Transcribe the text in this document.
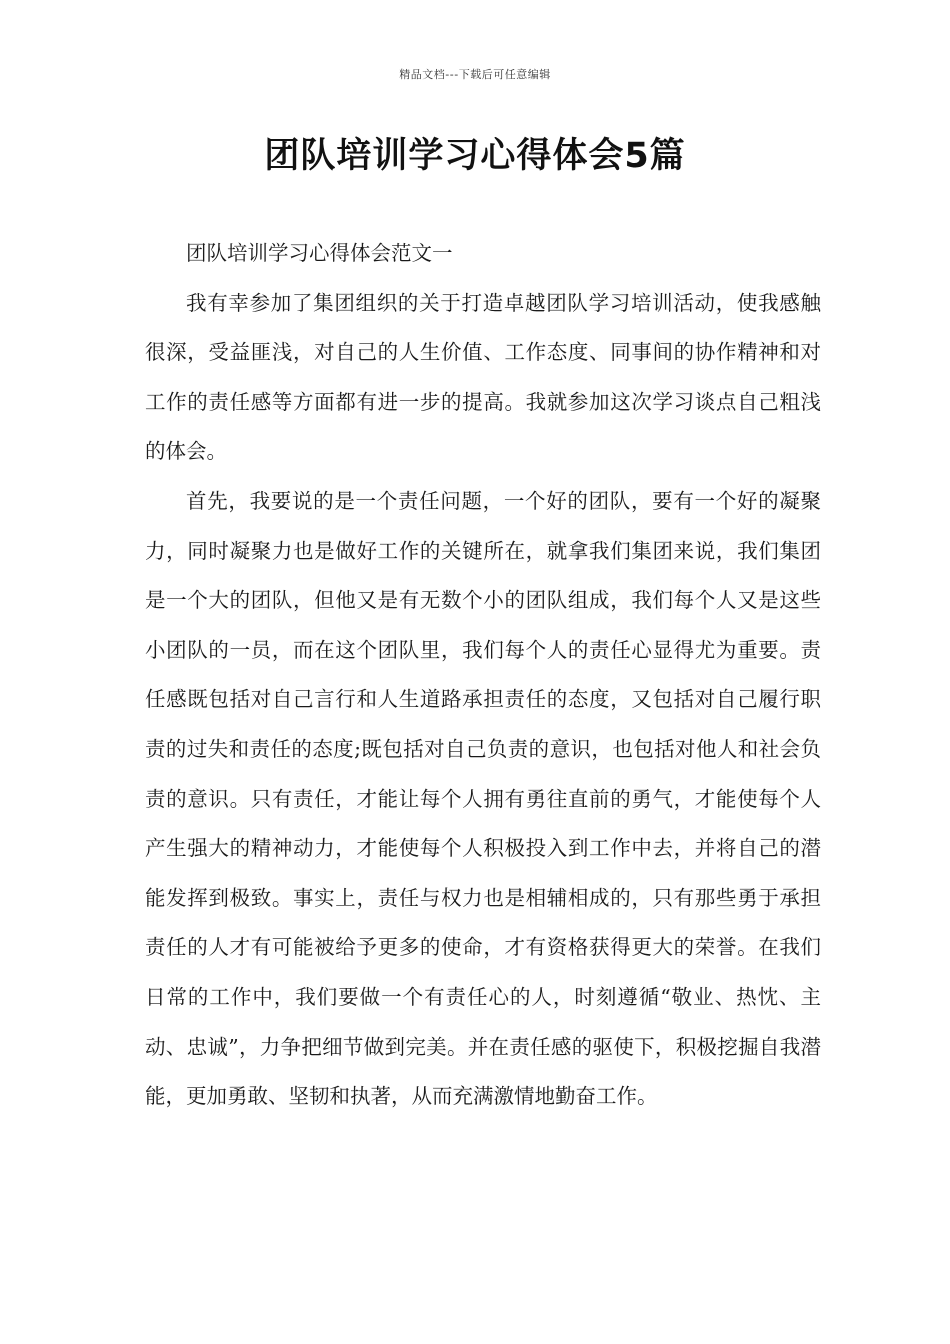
精品文档---下载后可任意编辑
团队培训学习心得体会5篇

团队培训学习心得体会范文一

我有幸参加了集团组织的关于打造卓越团队学习培训活动，使我感触很深，受益匪浅，对自己的人生价值、工作态度、同事间的协作精神和对工作的责任感等方面都有进一步的提高。我就参加这次学习谈点自己粗浅的体会。

首先，我要说的是一个责任问题，一个好的团队，要有一个好的凝聚力，同时凝聚力也是做好工作的关键所在，就拿我们集团来说，我们集团是一个大的团队，但他又是有无数个小的团队组成，我们每个人又是这些小团队的一员，而在这个团队里，我们每个人的责任心显得尤为重要。责任感既包括对自己言行和人生道路承担责任的态度，又包括对自己履行职责的过失和责任的态度;既包括对自己负责的意识，也包括对他人和社会负责的意识。只有责任，才能让每个人拥有勇往直前的勇气，才能使每个人产生强大的精神动力，才能使每个人积极投入到工作中去，并将自己的潜能发挥到极致。事实上，责任与权力也是相辅相成的，只有那些勇于承担责任的人才有可能被给予更多的使命，才有资格获得更大的荣誉。在我们日常的工作中，我们要做一个有责任心的人，时刻遵循“敬业、热忱、主动、忠诚”，力争把细节做到完美。并在责任感的驱使下，积极挖掘自我潜能，更加勇敢、坚韧和执著，从而充满激情地勤奋工作。
